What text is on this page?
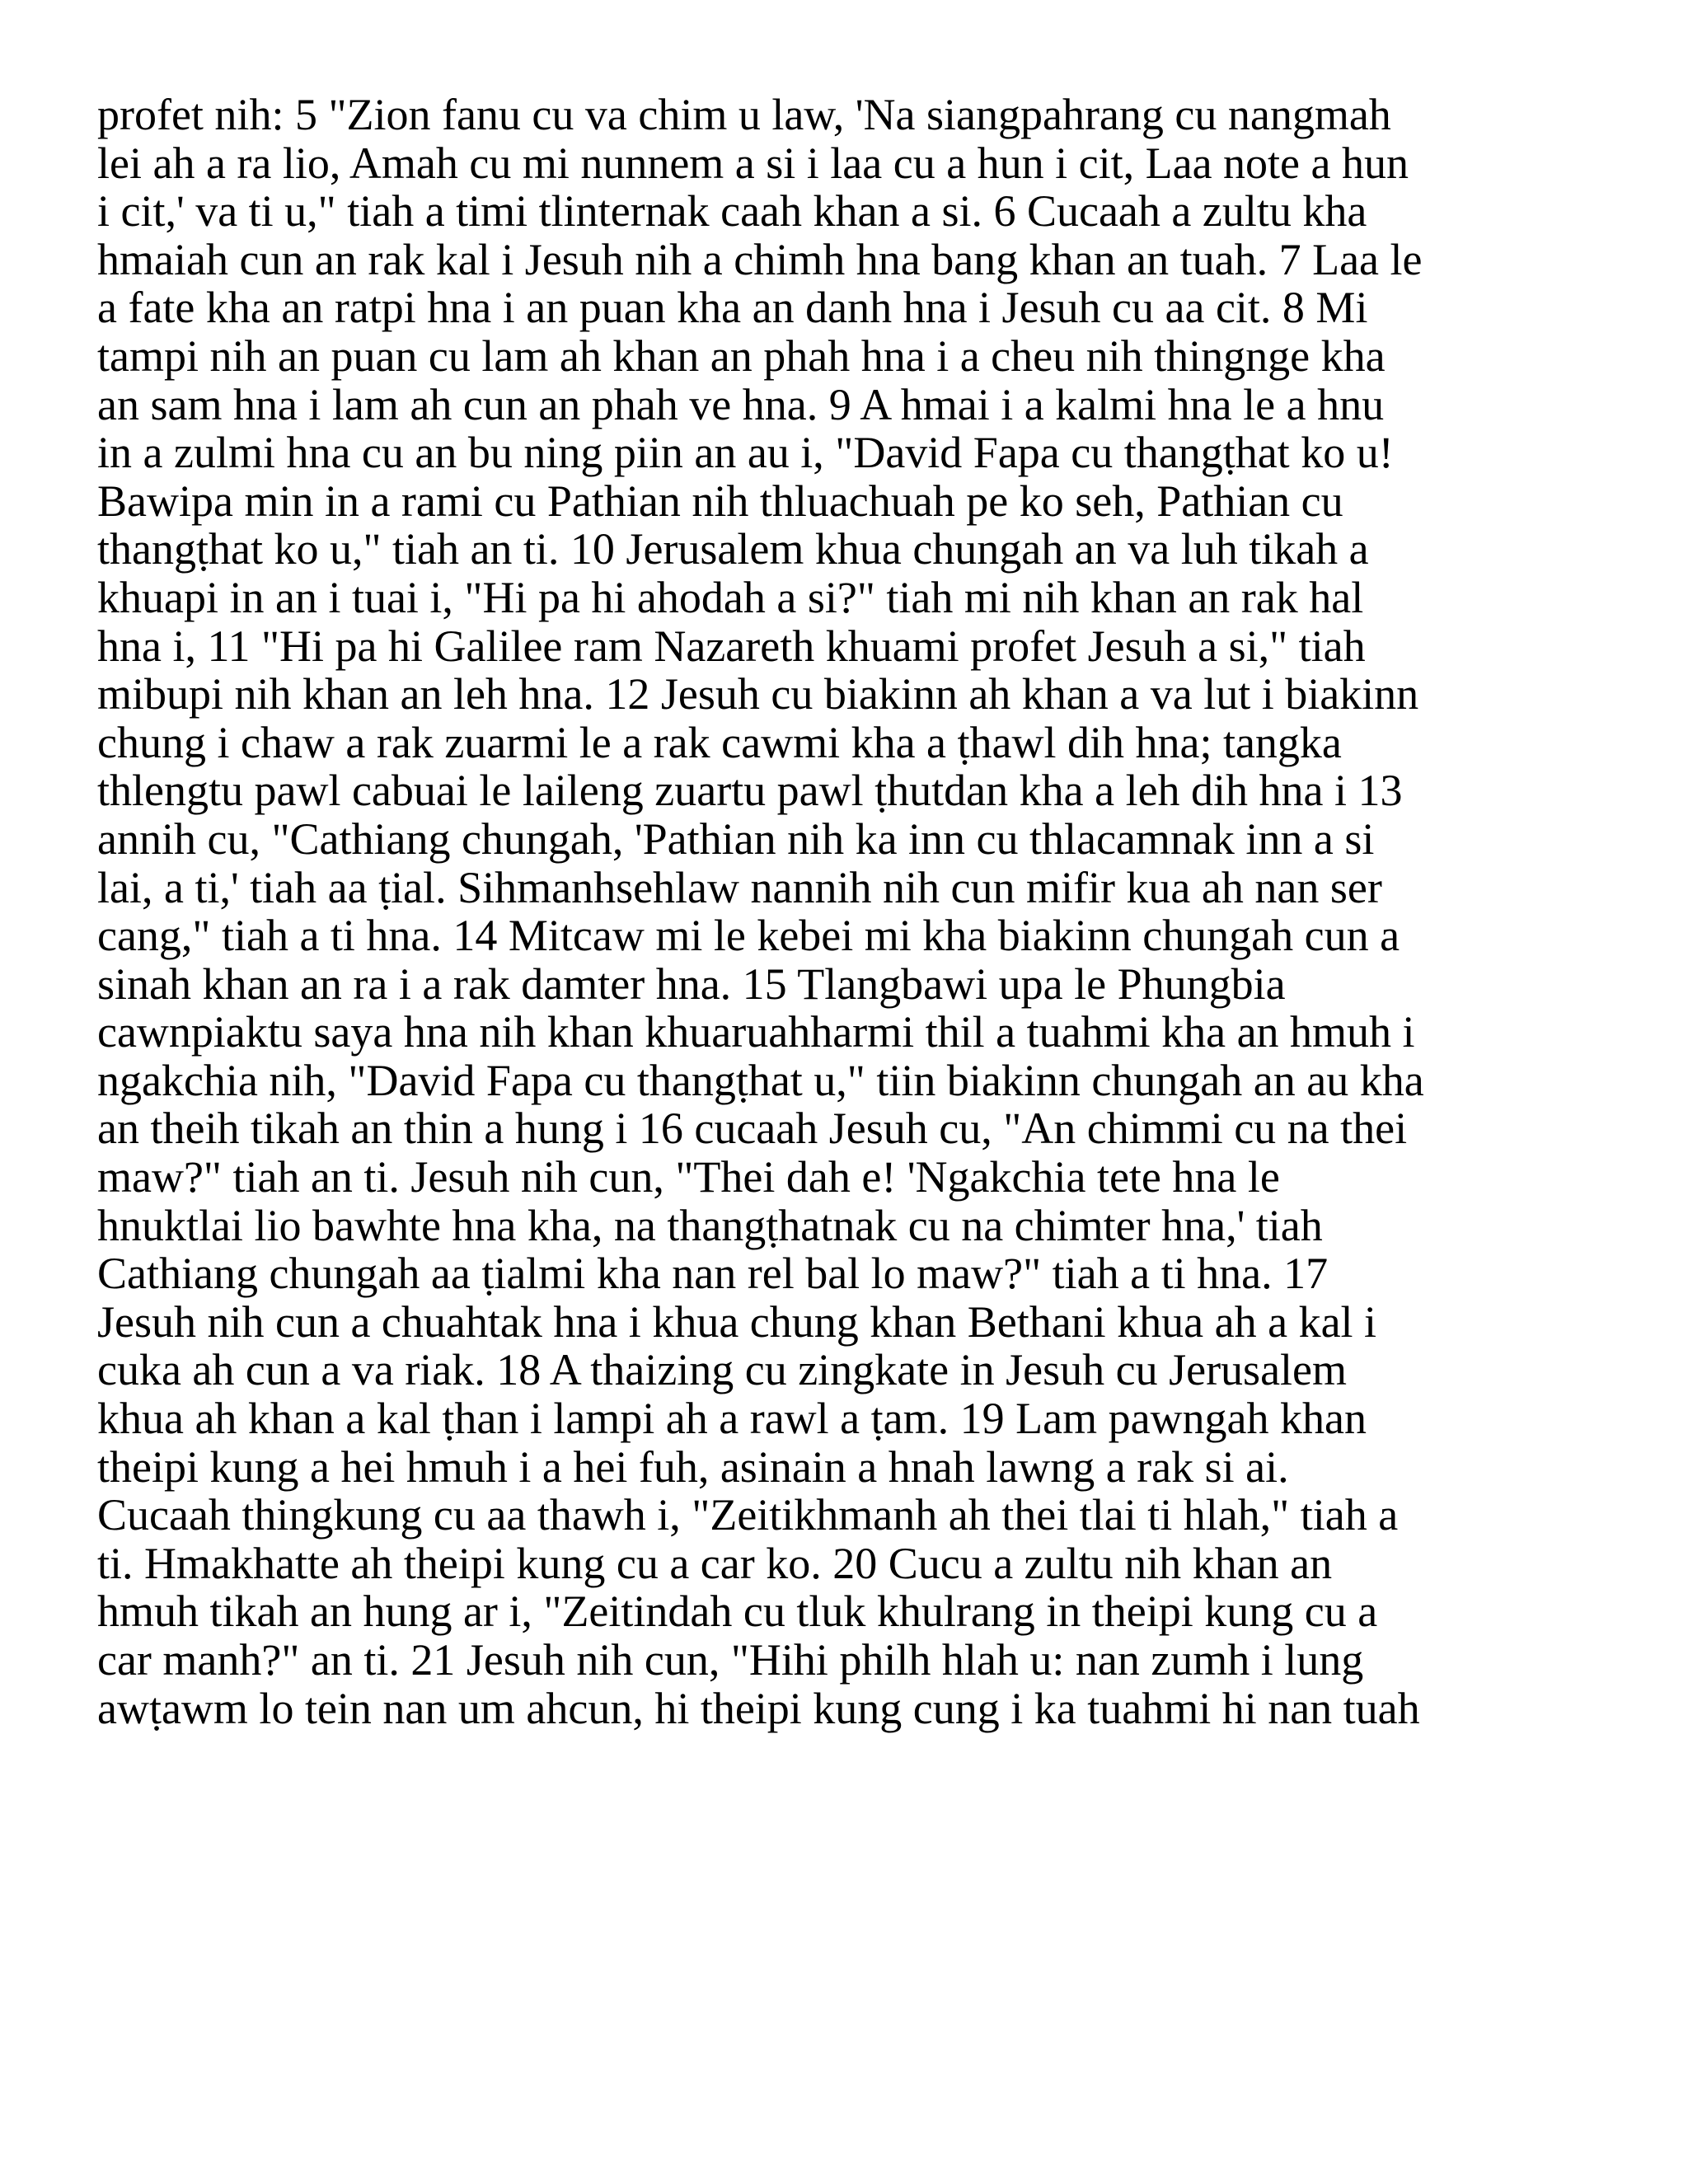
profet nih: 5 "Zion fanu cu va chim u law, 'Na siangpahrang cu nangmah
lei ah a ra lio, Amah cu mi nunnem a si i laa cu a hun i cit, Laa note a hun
i cit,' va ti u," tiah a timi tlinternak caah khan a si. 6 Cucaah a zultu kha
hmaiah cun an rak kal i Jesuh nih a chimh hna bang khan an tuah. 7 Laa le
a fate kha an ratpi hna i an puan kha an danh hna i Jesuh cu aa cit. 8 Mi
tampi nih an puan cu lam ah khan an phah hna i a cheu nih thingnge kha
an sam hna i lam ah cun an phah ve hna. 9 A hmai i a kalmi hna le a hnu
in a zulmi hna cu an bu ning piin an au i, "David Fapa cu thangṭhat ko u!
Bawipa min in a rami cu Pathian nih thluachuah pe ko seh, Pathian cu
thangṭhat ko u," tiah an ti. 10 Jerusalem khua chungah an va luh tikah a
khuapi in an i tuai i, "Hi pa hi ahodah a si?" tiah mi nih khan an rak hal
hna i, 11 "Hi pa hi Galilee ram Nazareth khuami profet Jesuh a si," tiah
mibupi nih khan an leh hna. 12 Jesuh cu biakinn ah khan a va lut i biakinn
chung i chaw a rak zuarmi le a rak cawmi kha a ṭhawl dih hna; tangka
thlengtu pawl cabuai le laileng zuartu pawl ṭhutdan kha a leh dih hna i 13
annih cu, "Cathiang chungah, 'Pathian nih ka inn cu thlacamnak inn a si
lai, a ti,' tiah aa ṭial. Sihmanhsehlaw nannih nih cun mifir kua ah nan ser
cang," tiah a ti hna. 14 Mitcaw mi le kebei mi kha biakinn chungah cun a
sinah khan an ra i a rak damter hna. 15 Tlangbawi upa le Phungbia
cawnpiaktu saya hna nih khan khuaruahharmi thil a tuahmi kha an hmuh i
ngakchia nih, "David Fapa cu thangṭhat u," tiin biakinn chungah an au kha
an theih tikah an thin a hung i 16 cucaah Jesuh cu, "An chimmi cu na thei
maw?" tiah an ti. Jesuh nih cun, "Thei dah e! 'Ngakchia tete hna le
hnuktlai lio bawhte hna kha, na thangṭhatnak cu na chimter hna,' tiah
Cathiang chungah aa ṭialmi kha nan rel bal lo maw?" tiah a ti hna. 17
Jesuh nih cun a chuahtak hna i khua chung khan Bethani khua ah a kal i
cuka ah cun a va riak. 18 A thaizing cu zingkate in Jesuh cu Jerusalem
khua ah khan a kal ṭhan i lampi ah a rawl a ṭam. 19 Lam pawngah khan
theipi kung a hei hmuh i a hei fuh, asinain a hnah lawng a rak si ai.
Cucaah thingkung cu aa thawh i, "Zeitikhmanh ah thei tlai ti hlah," tiah a
ti. Hmakhatte ah theipi kung cu a car ko. 20 Cucu a zultu nih khan an
hmuh tikah an hung ar i, "Zeitindah cu tluk khulrang in theipi kung cu a
car manh?" an ti. 21 Jesuh nih cun, "Hihi philh hlah u: nan zumh i lung
awṭawm lo tein nan um ahcun, hi theipi kung cung i ka tuahmi hi nan tuah
